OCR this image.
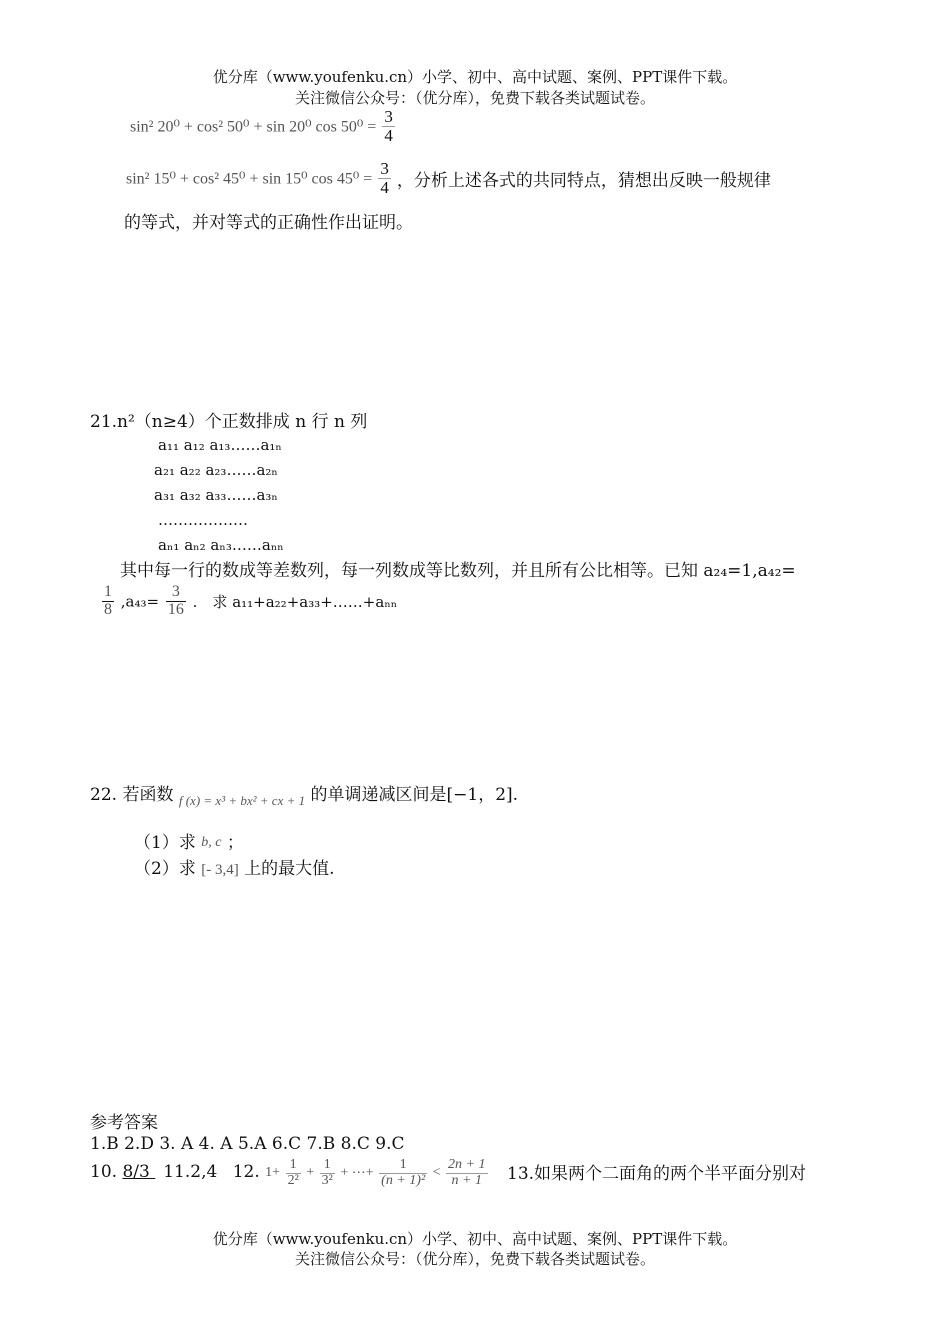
优分库（www.youfenku.cn）小学、初中、高中试题、案例、PPT课件下载。
关注微信公众号：（优分库），免费下载各类试题试卷。
sin² 20⁰ + cos² 50⁰ + sin 20⁰ $\cos 50^0 = \frac{3}{4}$
sin² 15⁰ + cos² 45⁰ + sin 15⁰ $\cos 45^0 = \frac{3}{4}$ ，分析上述各式的共同特点，猜想出反映一般规律
的等式，并对等式的正确性作出证明。
21.n²（n≥4）个正数排成 n 行 n 列
a₁₁ a₁₂ a₁₃……a₁ₙ
a₂₁ a₂₂ a₂₃……a₂ₙ
a₃₁ a₃₂ a₃₃……a₃ₙ
………………
aₙ₁ aₙ₂ aₙ₃……aₙₙ
其中每一行的数成等差数列，每一列数成等比数列，并且所有公比相等。已知 a₂₄=1,a₄₂=
$\frac{1}{8} ,a_{43}= \frac{3}{16}$ .　求 a₁₁+a₂₂+a₃₃+……+aₙₙ
22. 若函数 $_{f (x) = x^3 + bx^2 + cx + 1}$ 的单调递减区间是[−1，2].
（1）求 b, c ；
（2）求 [- 3,4] 上的最大值.
参考答案
1.B 2.D 3. A 4. A 5.A 6.C 7.B 8.C 9.C
10. 8/3 11.2,4 12. $1+ \frac{1}{\text{2²}} + \frac{1}{\text{3²}}$ + ⋯+ $\frac{1}{\text{(n + 1)²}} < \frac{2n + 1}{n + 1} 13$.如果两个二面角的两个半平面分别对
优分库（www.youfenku.cn）小学、初中、高中试题、案例、PPT课件下载。
关注微信公众号：（优分库），免费下载各类试题试卷。
